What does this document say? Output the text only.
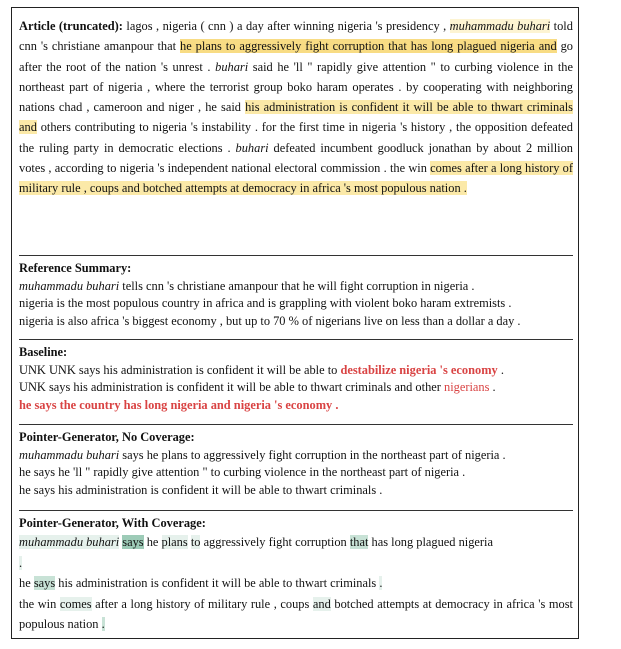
Article (truncated): lagos , nigeria ( cnn ) a day after winning nigeria 's presidency , muhammadu buhari told cnn 's christiane amanpour that he plans to aggressively fight corruption that has long plagued nigeria and go after the root of the nation 's unrest . buhari said he 'll " rapidly give attention " to curbing violence in the northeast part of nigeria , where the terrorist group boko haram operates . by cooperating with neighboring nations chad , cameroon and niger , he said his administration is confident it will be able to thwart criminals and others contributing to nigeria 's instability . for the first time in nigeria 's history , the opposition defeated the ruling party in democratic elections . buhari defeated incumbent goodluck jonathan by about 2 million votes , according to nigeria 's independent national electoral commission . the win comes after a long history of military rule , coups and botched attempts at democracy in africa 's most populous nation .
Reference Summary:
muhammadu buhari tells cnn 's christiane amanpour that he will fight corruption in nigeria .
nigeria is the most populous country in africa and is grappling with violent boko haram extremists .
nigeria is also africa 's biggest economy , but up to 70 % of nigerians live on less than a dollar a day .
Baseline:
UNK UNK says his administration is confident it will be able to destabilize nigeria 's economy .
UNK says his administration is confident it will be able to thwart criminals and other nigerians .
he says the country has long nigeria and nigeria 's economy .
Pointer-Generator, No Coverage:
muhammadu buhari says he plans to aggressively fight corruption in the northeast part of nigeria .
he says he 'll " rapidly give attention " to curbing violence in the northeast part of nigeria .
he says his administration is confident it will be able to thwart criminals .
Pointer-Generator, With Coverage:
muhammadu buhari says he plans to aggressively fight corruption that has long plagued nigeria
.
he says his administration is confident it will be able to thwart criminals .
the win comes after a long history of military rule , coups and botched attempts at democracy in africa 's most populous nation .
